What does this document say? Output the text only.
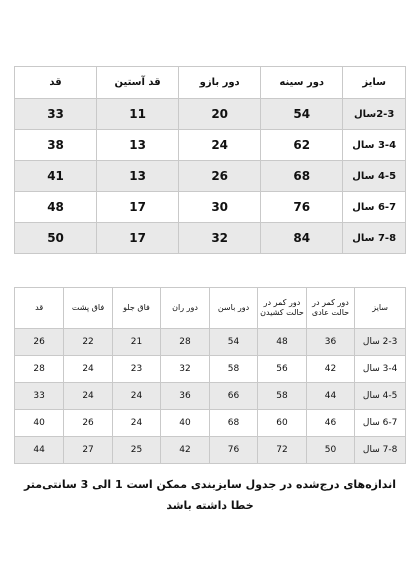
سایز	دور سینه	دور بازو	قد آستین	قد
2-3سال	54	20	11	33
3-4 سال	62	24	13	38
4-5 سال	68	26	13	41
6-7 سال	76	30	17	48
7-8 سال	84	32	17	50
سایز	دور کمر در حالت عادی	دور کمر در حالت کشیدن	دور باسن	دور ران	فاق جلو	فاق پشت	قد
2-3 سال	36	48	54	28	21	22	26
3-4 سال	42	56	58	32	23	24	28
4-5 سال	44	58	66	36	24	24	33
6-7 سال	46	60	68	40	24	26	40
7-8 سال	50	72	76	42	25	27	44
اندازه‌های درج‌شده در جدول سایزبندی ممکن است 1 الی 3 سانتی‌متر
خطا داشته باشد
